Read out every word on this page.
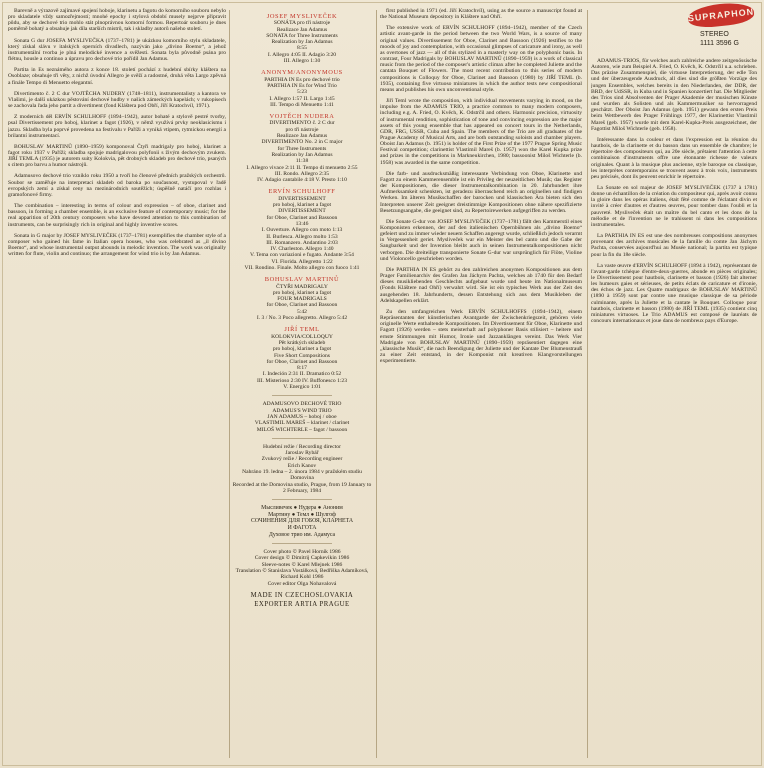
SUPRAPHON
STEREO
1111 3596 G

Barevně a výrazově zajímavé spojení hoboje, klarinetu a fagotu do komorního souboru nebylo pro skladatele vždy samozřejmostí; mnohé epochy i stylová období musely nejprve připravit půdu, aby se dechové trio mohlo stát plnoprávnou komorní formou. Repertoár souboru je dnes poměrně bohatý a obsahuje jak díla starších mistrů, tak i skladby autorů našeho století.

Sonata G dur JOSEFA MYSLIVEČKA (1737–1781) je ukázkou komorního stylu skladatele, který získal slávu v italských operních divadlech, nazýván jako „divino Boemo“, a jehož instrumentální tvorba je plná melodické invence a svěžesti. Sonata byla původně psána pro flétnu, housle a continuo a úpravu pro dechové trio pořídil Jan Adamus.

Partita in Es neznámého autora z konce 18. století pochází z hudební sbírky kláštera na Osoblaze; obsahuje tři věty, z nichž úvodní Allegro je svěží a radostné, druhá věta Largo zpěvná a finále Tempo di Menuetto elegantní.

Divertimento č. 2 C dur VOJTĚCHA NUDERY (1748–1811), instrumentalisty a kantora ve Vlašimi, je další ukázkou pěstování dechové hudby v našich zámeckých kapelách; v rukopisech se zachovala řada jeho partit a divertiment (fond Kláštera pod Obří, Jiří Kratochvíl, 1971).

Z moderních děl ERVÍN SCHULHOFF (1894–1942), autor bohaté a stylově pestré tvorby, psal Divertissement pro hoboj, klarinet a fagot (1926), v němž využívá prvky neoklasicismu i jazzu. Skladba byla poprvé provedena na festivalu v Paříži a vyniká vtipem, rytmickou energií a brilantní instrumentací.

BOHUSLAV MARTINŮ (1890–1959) komponoval Čtyři madrigaly pro hoboj, klarinet a fagot roku 1937 v Paříži; skladba spojuje madrigalovou polyfonii s živým dechovým zvukem. JIŘÍ TEMLA (1935) je autorem suity Kolokvia, pět drobných skladeb pro dechové trio, psaných s citem pro barvu a humor nástrojů.

Adamusovo dechové trio vzniklo roku 1950 a tvoří ho členové předních pražských orchestrů. Soubor se zaměřuje na interpretaci skladeb od baroka po současnost, vystupoval v řadě evropských zemí a získal ceny na mezinárodních soutěžích; úspěšně natáčí pro rozhlas i gramofonové firmy.

The combination – interesting in terms of colour and expression – of oboe, clarinet and bassoon, in forming a chamber ensemble, is an exclusive feature of contemporary music; for the real apparition of 20th century composers who have devoted attention to this combination of instruments, can be surprisingly rich in original and highly inventive scores.

Sonata in G major by JOSEF MYSLIVEČEK (1737–1781) exemplifies the chamber style of a composer who gained his fame in Italian opera houses, who was celebrated as „il divino Boemo“, and whose instrumental output abounds in melodic invention. The work was originally written for flute, violin and continuo; the arrangement for wind trio is by Jan Adamus.

JOSEF MYSLIVEČEK
SONÁTA pro tři nástroje
Realizace Jan Adamus
SONATA for Three Instruments
Realization by Jan Adamus
8:55
I. Allegro 4:05 II. Adagio 3:20
III. Allegro 1:30
ANONYM/ANONYMOUS
PARTHIA IN Es pro dechové trio
PARTHIA IN Es for Wind Trio
5:23
I. Allegro 1:57 II. Largo 1:45
III. Tempo di Menuetto 1:41
VOJTĚCH NUDERA
DIVERTIMENTO č. 2 C dur
pro tři nástroje
Realizace Jan Adamus
DIVERTIMENTO No. 2 in C major
for Three Instruments
Realization by Jan Adamus
11:38
I. Allegro vivace 2:11 II. Tempo di menuetto 2:55
III. Rondo. Allegro 2:35
IV. Adagio cantabile 4:18 V. Presto 1:10
ERVÍN SCHULHOFF
DIVERTISSEMENT
pro hoboj, klarinet a fagot
DIVERTISSEMENT
for Oboe, Clarinet and Bassoon
13:46
I. Ouverture. Allegro con moto 1:13
II. Burlesca. Allegro molto 1:53
III. Romanzero. Andantino 2:03
IV. Charleston. Allegro 1:40
V. Tema con variazioni e fugato. Andante 3:54
VI. Florida. Allegretto 1:22
VII. Rondino. Finale. Molto allegro con fuoco 1:41
BOHUSLAV MARTINŮ
ČTYŘI MADRIGALY
pro hoboj, klarinet a fagot
FOUR MADRIGALS
for Oboe, Clarinet and Bassoon
5:42
I. 3 / No. 3 Poco allegretto. Allegro 5:42
JIŘÍ TEML
KOLOKVIA/COLLOQUY
Pět krátkých skladeb
pro hoboj, klarinet a fagot
Five Short Compositions
for Oboe, Clarinet and Bassoon
8:17
I. Indeción 2:31 II. Dramatico 0:52
III. Misterioso 2:30 IV. Buffonesco 1:23
V. Energico 1:01
ADAMUSOVO DECHOVÉ TRIO
ADAMUS'S WIND TRIO
JAN ADAMUS – hoboj / oboe
VLASTIMIL MAREŠ – klarinet / clarinet
MILOŠ WICHTERLE – fagot / bassoon
Hudební režie / Recording director
Jaroslav Rybář
Zvukový režie / Recording engineer
Erich Kanov
Nahráno 19. ledna – 2. února 1984 v pražském studiu Domovina
Recorded at the Domovina studio, Prague, from 19 January to
2 February, 1984
Мысливечек ● Нудера ● Аноним
Мартину ● Темл ● Шулгоф
СОЧИНЕНИЯ ДЛЯ ГОБОЯ, КЛАРНЕТА
И ФАГОТА
Духовое трио им. Адамуса
Cover photo © Pavel Hornik 1986
Cover design © Dimitrij Capkevikin 1986
Sleeve-notes © Karel Mlejnek 1986
Translation © Stanislava Vostálková, Bedřiška Adamíková,
Richard Kohl 1986
Cover editor Olga Nohavalová
MADE IN CZECHOSLOVAKIA
EXPORTER ARTIA PRAGUE

first published in 1971 (ed. Jiří Kratochvíl), using as the source a manuscript found at the National Museum depository in Kláštere nad Ohří.

The extensive work of ERVÍN SCHULHOFF (1894–1942), member of the Czech artistic avant-garde in the period between the two World Wars, is a source of many original values. Divertissement for Oboe, Clarinet and Bassoon (1926) testifies to the moods of joy and contemplation, with occasional glimpses of caricature and irony, as well as overtones of jazz — all of this stylized in a masterly way on the polyphonic basis. In contrast, Four Madrigals by BOHUSLAV MARTINŮ (1890–1959) is a work of classical music from the period of the composer's artistic climax after he completed Juliette and the cantata Bouquet of Flowers. The most recent contribution to this series of modern compositions is Colloquy for Oboe, Clarinet and Bassoon (1980) by JIŘÍ TEML (b. 1935), containing five virtuoso miniatures in which the author tests new compositional means and publishes his own unconventional style.

Jiří Teml wrote the composition, with individual movements varying in mood, on the impulse from the ADAMUS TRIO, a practice common to many modern composers, including e.g. A. Fried, O. Kvěch, K. Odstrčil and others. Harmonic precision, virtuosity of instrumental rendition, sophistication of tone and convincing expression are the major assets of this young ensemble that has appeared on concert tours in the Netherlands, GDR, FRG, USSR, Cuba and Spain. The members of the Trio are all graduates of the Prague Academy of Musical Arts, and are both outstanding soloists and chamber players. Oboist Jan Adamus (b. 1951) is holder of the First Prize of the 1977 Prague Spring Music Festival competition; clarinettist Vlastimil Mareš (b. 1957) won the Karel Kupka prize and prizes in the competitions in Markneukirchen, 1980; bassoonist Miloš Wichterle (b. 1958) was awarded in the same competition.

Die farb- und ausdrucksmäßig interessante Verbindung von Oboe, Klarinette und Fagott zu einem Kammerensemble ist ein Privileg der neuzeitlichen Musik; das Register der Kompositionen, die dieser Instrumentalkombination in 20. Jahrhundert ihre Aufmerksamkeit schenkten, ist geradezu überraschend reich an originellen und findigen Werken. Im älteren Musikschaffen der barocken und klassischen Ära bieten sich den Interpreten unserer Zeit geeignet dreistimmige Kompositionen ohne nähere spezifizierte Besetzungsangabe, die geeignet sind, zu Repertoirewerken aufgegriffen zu werden.

Die Sonate G-dur von JOSEF MYSLIVEČEK (1737–1781) fällt den Kammerstil eines Komponisten erkennen, der auf den italienischen Opernbühnen als „divino Boemo“ gefeiert und zu immer wieder neuem Schaffen angeregt wurde, schließlich jedoch verarmt in Vergessenheit geriet. Mysliveček war ein Meister des bel canto und die Gabe der Sangbarkeit und der Invention bleibt auch in seinen Instrumentalkompositionen nicht verborgen. Die dreiteilige transponierte Sonate G-dur war ursprünglich für Flöte, Violine und Violoncello geschrieben worden.

Die PARTHIA IN ES gehört zu den zahlreichen anonymen Kompositionen aus dem Prager Familienarchiv des Grafen Jan Jáchym Pachta, welches ab 1740 für den Bedarf dieses musikliebenden Geschlechts aufgebaut wurde und heute im Nationalmuseum (Fonds Kláštere nad Ohří) verwahrt wird. Sie ist ein typisches Werk aus der Zeit des ausgehenden 18. Jahrhunderts, dessen Entstehung sich aus dem Musikleben der Adelskapellen erklärt.

Zu den umfangreichen Werk ERVÍN SCHULHOFFS (1894–1942), einem Repräsentanten der künstlerischen Avantgarde der Zwischenkriegszeit, gehören viele originelle Werte enthaltende Kompositionen. Im Divertissement für Oboe, Klarinette und Fagott (1926) werden – stets meisterhaft auf polyphoner Basis stilisiert – heitere und ernste Stimmungen mit Humor, Ironie und Jazzanklängen vereint. Das Werk Vier Madrigale von BOHUSLAV MARTINŮ (1890–1959) repräsentiert dagegen eine „klassische Musik“, die nach Beendigung der Juliette und der Kantate Der Blumenstrauß zu einer Zeit entstand, in der Komponist mit kreativen Klangvorstellungen experimentierte.

ADAMUS-TRIOS, für welches auch zahlreiche andere zeitgenössische Autoren, wie zum Beispiel A. Fried, O. Kvěch, K. Odstrčil u.a. schrieben. Das präzise Zusammenspiel, die virtuose Interpretierung, der edle Ton und der überzeugende Ausdruck, all dies sind die größten Vorzüge des jungen Ensembles, welches bereits in den Niederlanden, der DDR, der BRD, der UdSSR, in Kuba und in Spanien konzertiert hat. Die Mitglieder des Trios sind Absolventen der Prager Akademie der musischen Künste und wurden als Solisten und als Kammermusiker so hervorragend geschätzt. Der Oboist Jan Adamus (geb. 1951) gewann den ersten Preis beim Wettbewerb des Prager Frühlings 1977, der Klarinettist Vlastimil Mareš (geb. 1957) wurde mit dem Karel-Kupka-Preis ausgezeichnet, der Fagottist Miloš Wichterle (geb. 1958).

Intéressante dans la couleur et dans l'expression est la réunion du hautbois, de la clarinette et du basson dans un ensemble de chambre; le répertoire des compositeurs qui, au 20e siècle, prêtaient l'attention à cette combinaison d'instruments offre une étonnante richesse de valeurs originales. Quant à la musique plus ancienne, style baroque ou classique, les interprètes contemporains se trouvent assez à trois voix, instruments peu précisés, dont ils peuvent enrichir le répertoire.

La Sonate en sol majeur de JOSEF MYSLIVEČEK (1737 à 1781) donne un échantillon de la création du compositeur qui, après avoir connu la gloire dans les opéras italiens, était fêté comme de l'éclatant divin et invité à créer d'autres et d'autres œuvres, pour tomber dans l'oubli et la pauvreté. Mysliveček était un maître du bel canto et les dons de la mélodie et de l'invention ne le trahissent ni dans les compositions instrumentales.

La PARTHIA IN ES est une des nombreuses compositions anonymes provenant des archives musicales de la famille du comte Jan Jáchym Pachta, conservées aujourd'hui au Musée national; la partita est typique pour la fin du 18e siècle.

La vaste œuvre d'ERVÍN SCHULHOFF (1894 à 1942), représentant de l'avant-garde tchèque d'entre-deux-guerres, abonde en pièces originales; le Divertissement pour hautbois, clarinette et basson (1926) fait alterner les humeurs gaies et sérieuses, de petits éclats de caricature et d'ironie, des échos de jazz. Les Quatre madrigaux de BOHUSLAV MARTINŮ (1890 à 1959) sont par contre une musique classique de sa période culminante, après la Juliette et la cantate le Bouquet. Colloque pour hautbois, clarinette et basson (1980) de JIŘÍ TEML (1935) contient cinq miniatures virtuoses. Le Trio ADAMUS est composé de lauréats de concours internationaux et joue dans de nombreux pays d'Europe.
